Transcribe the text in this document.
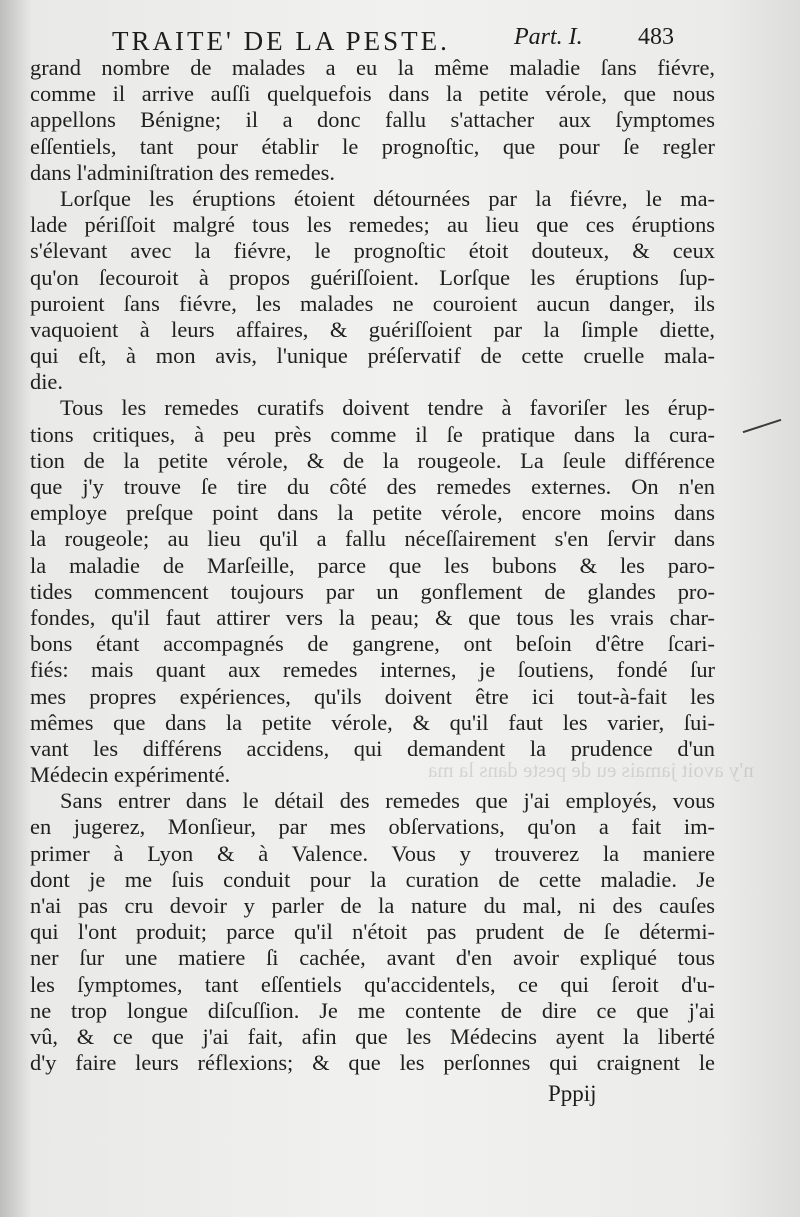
TRAITE' DE LA PESTE.	Part. I. 483
n'y avoit jamais eu de peste dans la ma
grand nombre de malades a eu la même maladie ſans fiévre,
comme il arrive auſſi quelquefois dans la petite vérole, que nous
appellons Bénigne; il a donc fallu s'attacher aux ſymptomes
eſſentiels, tant pour établir le prognoſtic, que pour ſe regler
dans l'adminiſtration des remedes.
Lorſque les éruptions étoient détournées par la fiévre, le ma-
lade périſſoit malgré tous les remedes; au lieu que ces éruptions
s'élevant avec la fiévre, le prognoſtic étoit douteux, & ceux
qu'on ſecouroit à propos guériſſoient. Lorſque les éruptions ſup-
puroient ſans fiévre, les malades ne couroient aucun danger, ils
vaquoient à leurs affaires, & guériſſoient par la ſimple diette,
qui eſt, à mon avis, l'unique préſervatif de cette cruelle mala-
die.
Tous les remedes curatifs doivent tendre à favoriſer les érup-
tions critiques, à peu près comme il ſe pratique dans la cura-
tion de la petite vérole, & de la rougeole. La ſeule différence
que j'y trouve ſe tire du côté des remedes externes. On n'en
employe preſque point dans la petite vérole, encore moins dans
la rougeole; au lieu qu'il a fallu néceſſairement s'en ſervir dans
la maladie de Marſeille, parce que les bubons & les paro-
tides commencent toujours par un gonflement de glandes pro-
fondes, qu'il faut attirer vers la peau; & que tous les vrais char-
bons étant accompagnés de gangrene, ont beſoin d'être ſcari-
fiés: mais quant aux remedes internes, je ſoutiens, fondé ſur
mes propres expériences, qu'ils doivent être ici tout-à-fait les
mêmes que dans la petite vérole, & qu'il faut les varier, ſui-
vant les différens accidens, qui demandent la prudence d'un
Médecin expérimenté.
Sans entrer dans le détail des remedes que j'ai employés, vous
en jugerez, Monſieur, par mes obſervations, qu'on a fait im-
primer à Lyon & à Valence. Vous y trouverez la maniere
dont je me ſuis conduit pour la curation de cette maladie. Je
n'ai pas cru devoir y parler de la nature du mal, ni des cauſes
qui l'ont produit; parce qu'il n'étoit pas prudent de ſe détermi-
ner ſur une matiere ſi cachée, avant d'en avoir expliqué tous
les ſymptomes, tant eſſentiels qu'accidentels, ce qui ſeroit d'u-
ne trop longue diſcuſſion. Je me contente de dire ce que j'ai
vû, & ce que j'ai fait, afin que les Médecins ayent la liberté
d'y faire leurs réflexions; & que les perſonnes qui craignent le
Pppij
